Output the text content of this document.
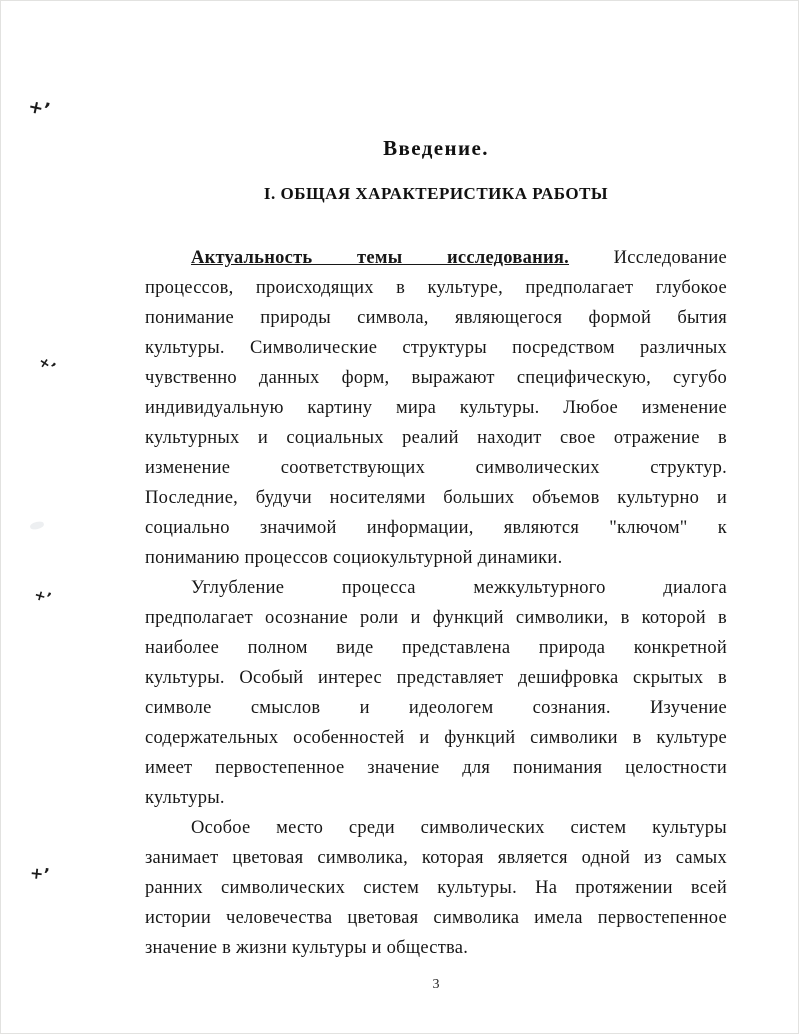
Введение.
I. ОБЩАЯ ХАРАКТЕРИСТИКА РАБОТЫ
Актуальность темы исследования. Исследование
процессов, происходящих в культуре, предполагает глубокое
понимание природы символа, являющегося формой бытия
культуры. Символические структуры посредством различных
чувственно данных форм, выражают специфическую, сугубо
индивидуальную картину мира культуры. Любое изменение
культурных и социальных реалий находит свое отражение в
изменение соответствующих символических структур.
Последние, будучи носителями больших объемов культурно и
социально значимой информации, являются "ключом" к
пониманию процессов социокультурной динамики.
Углубление процесса межкультурного диалога
предполагает осознание роли и функций символики, в которой в
наиболее полном виде представлена природа конкретной
культуры. Особый интерес представляет дешифровка скрытых в
символе смыслов и идеологем сознания. Изучение
содержательных особенностей и функций символики в культуре
имеет первостепенное значение для понимания целостности
культуры.
Особое место среди символических систем культуры
занимает цветовая символика, которая является одной из самых
ранних символических систем культуры. На протяжении всей
истории человечества цветовая символика имела первостепенное
значение в жизни культуры и общества.
3
+ʼ
+ʼ
+ʼ
+ʼ
